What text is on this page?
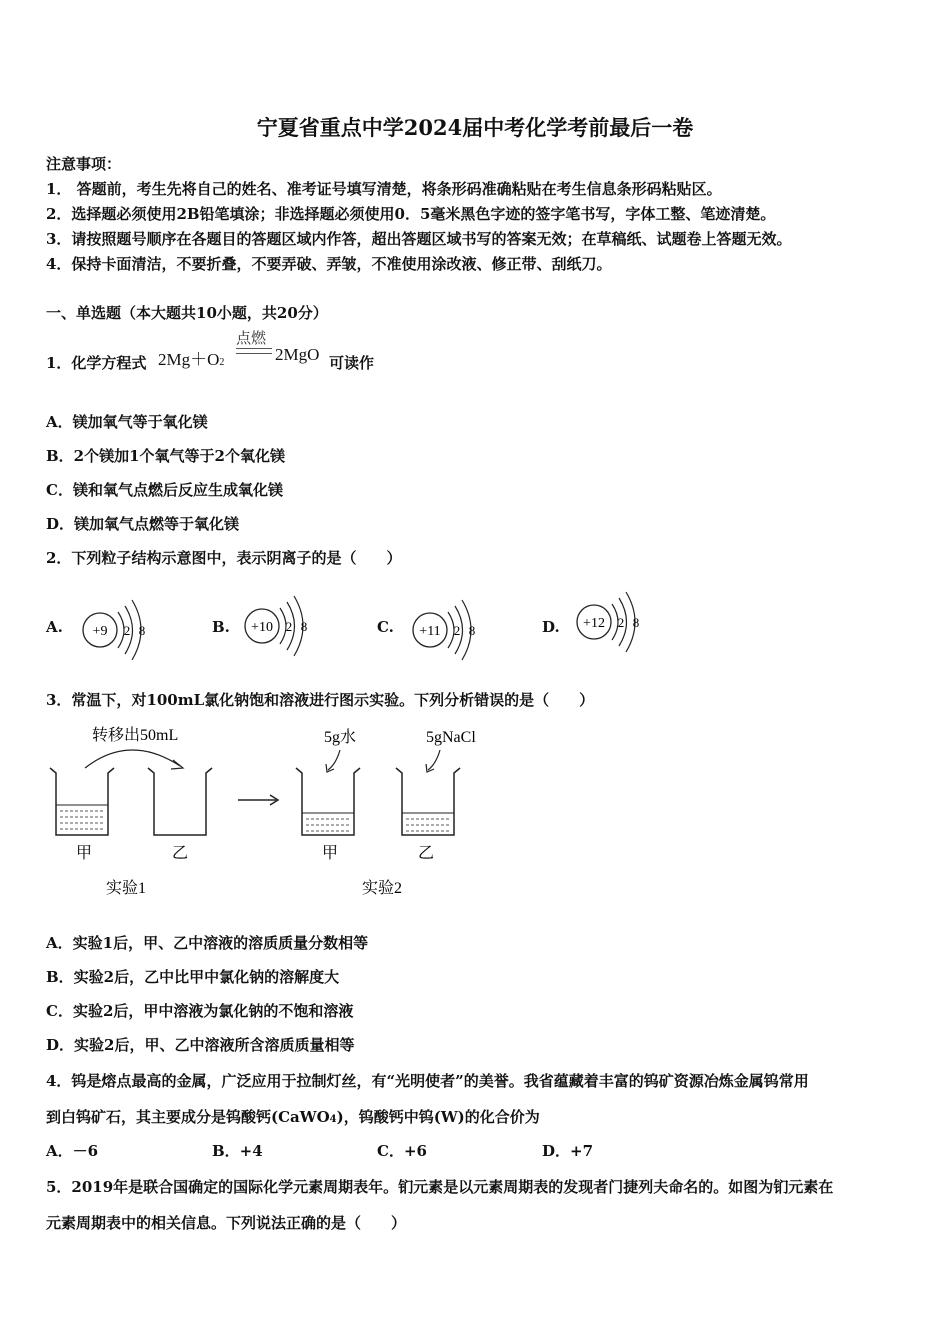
宁夏省重点中学2024届中考化学考前最后一卷
注意事项：
1． 答题前，考生先将自己的姓名、准考证号填写清楚，将条形码准确粘贴在考生信息条形码粘贴区。
2．选择题必须使用2B铅笔填涂；非选择题必须使用0．5毫米黑色字迹的签字笔书写，字体工整、笔迹清楚。
3．请按照题号顺序在各题目的答题区域内作答，超出答题区域书写的答案无效；在草稿纸、试题卷上答题无效。
4．保持卡面清洁，不要折叠，不要弄破、弄皱，不准使用涂改液、修正带、刮纸刀。
一、单选题（本大题共10小题，共20分）
1．化学方程式 2Mg＋O2
点燃
2MgO 可读作
A．镁加氧气等于氧化镁
B．2个镁加1个氧气等于2个氧化镁
C．镁和氧气点燃后反应生成氧化镁
D．镁加氧气点燃等于氧化镁
2．下列粒子结构示意图中，表示阴离子的是（　　）
A. +9 2 8	B. +10 2 8	C. +11 2 8	D. +12 2 8
3．常温下，对100mL氯化钠饱和溶液进行图示实验。下列分析错误的是（　　）
转移出50mL
甲	乙
实验1
5g水	5gNaCl
甲	乙
实验2
A．实验1后，甲、乙中溶液的溶质质量分数相等
B．实验2后，乙中比甲中氯化钠的溶解度大
C．实验2后，甲中溶液为氯化钠的不饱和溶液
D．实验2后，甲、乙中溶液所含溶质质量相等
4．钨是熔点最高的金属，广泛应用于拉制灯丝，有“光明使者”的美誉。我省蕴藏着丰富的钨矿资源冶炼金属钨常用
到白钨矿石，其主要成分是钨酸钙(CaWO4)，钨酸钙中钨(W)的化合价为
A．－6	B．+4	C．+6	D．+7
5．2019年是联合国确定的国际化学元素周期表年。钔元素是以元素周期表的发现者门捷列夫命名的。如图为钔元素在
元素周期表中的相关信息。下列说法正确的是（　　）
